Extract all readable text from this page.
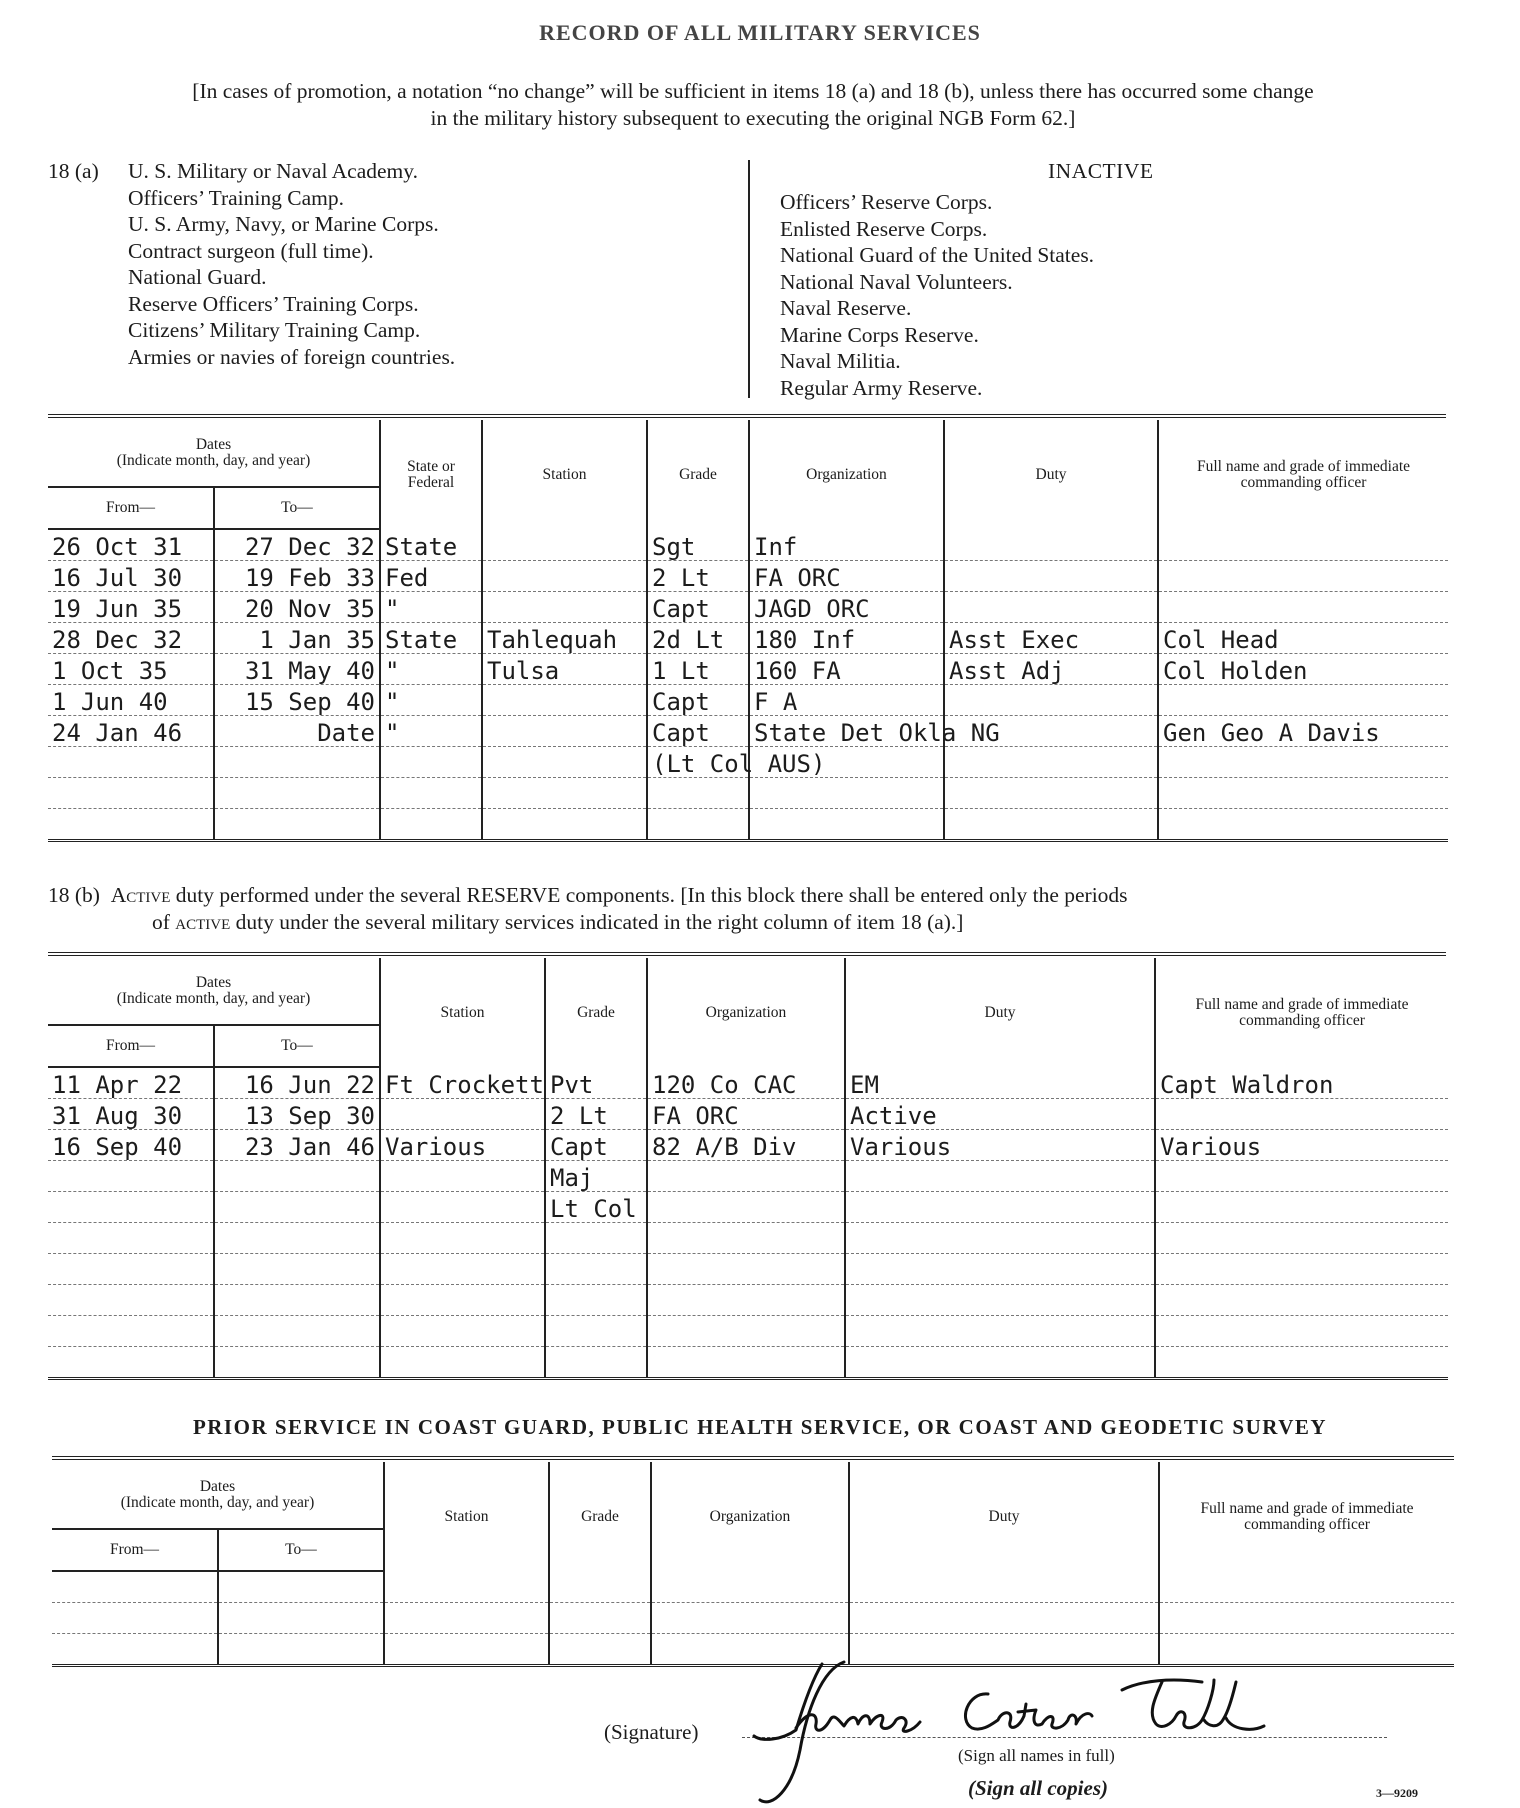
RECORD OF ALL MILITARY SERVICES
[In cases of promotion, a notation “no change” will be sufficient in items 18 (a) and 18 (b), unless there has occurred some change
in the military history subsequent to executing the original NGB Form 62.]
18 (a) U. S. Military or Naval Academy.
Officers’ Training Camp.
U. S. Army, Navy, or Marine Corps.
Contract surgeon (full time).
National Guard.
Reserve Officers’ Training Corps.
Citizens’ Military Training Camp.
Armies or navies of foreign countries.
INACTIVE
Officers’ Reserve Corps.
Enlisted Reserve Corps.
National Guard of the United States.
National Naval Volunteers.
Naval Reserve.
Marine Corps Reserve.
Naval Militia.
Regular Army Reserve.
Dates
(Indicate month, day, and year)		State or Federal	Station	Grade	Organization	Duty	Full name and grade of immediate commanding officer
From—	To—						
26 Oct 31	27 Dec 32	State		Sgt	Inf		
16 Jul 30	19 Feb 33	Fed		2 Lt	FA ORC		
19 Jun 35	20 Nov 35	"		Capt	JAGD ORC		
28 Dec 32	1 Jan 35	State	Tahlequah	2d Lt	180 Inf	Asst Exec	Col Head
1 Oct 35	31 May 40	"	Tulsa	1 Lt	160 FA	Asst Adj	Col Holden
1 Jun 40	15 Sep 40	"		Capt	F A		
24 Jan 46	Date	"		Capt	State Det Okla NG		Gen Geo A Davis
				(Lt Col AUS)			

18 (b) Active duty performed under the several RESERVE components. [In this block there shall be entered only the periods
of active duty under the several military services indicated in the right column of item 18 (a).]
Dates
(Indicate month, day, and year)		Station	Grade	Organization	Duty	Full name and grade of immediate commanding officer
From—	To—					
11 Apr 22	16 Jun 22	Ft Crockett	Pvt	120 Co CAC	EM	Capt Waldron
31 Aug 30	13 Sep 30		2 Lt	FA ORC	Active	
16 Sep 40	23 Jan 46	Various	Capt	82 A/B Div	Various	Various
			Maj			
			Lt Col			

PRIOR SERVICE IN COAST GUARD, PUBLIC HEALTH SERVICE, OR COAST AND GEODETIC SURVEY
Dates
(Indicate month, day, and year)		Station	Grade	Organization	Duty	Full name and grade of immediate commanding officer
From—	To—					

(Signature)
(Sign all names in full)
(Sign all copies)	3—9209
